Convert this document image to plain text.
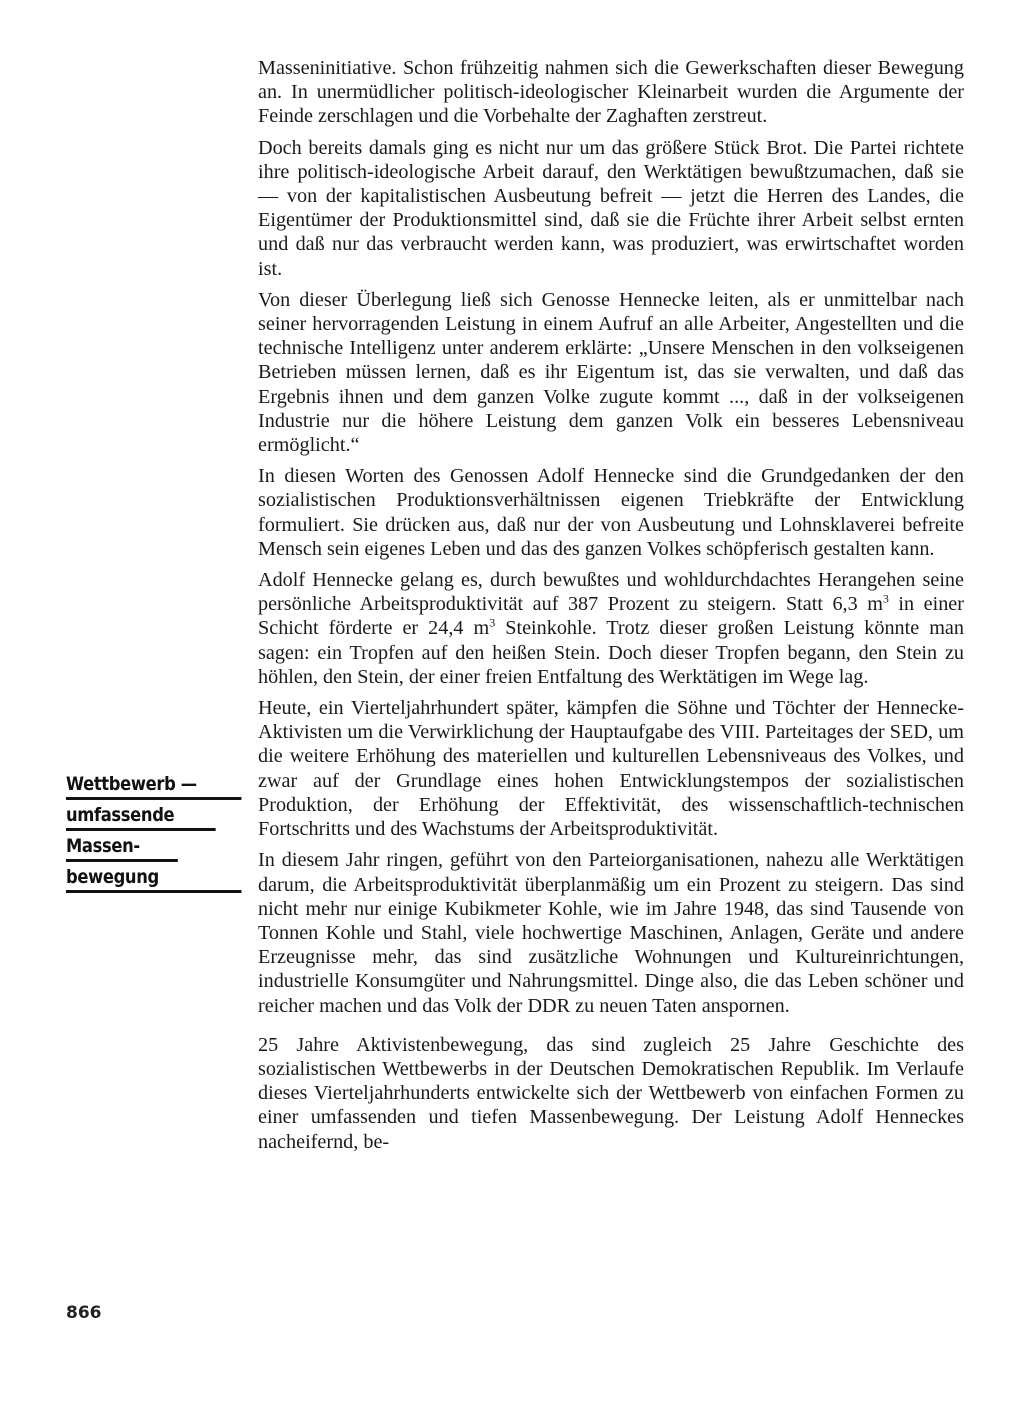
Masseninitiative. Schon frühzeitig nahmen sich die Gewerkschaften dieser Bewegung an. In unermüdlicher politisch-ideologischer Kleinarbeit wurden die Argumente der Feinde zerschlagen und die Vorbehalte der Zaghaften zerstreut.

Doch bereits damals ging es nicht nur um das größere Stück Brot. Die Partei richtete ihre politisch-ideologische Arbeit darauf, den Werktätigen bewußtzumachen, daß sie — von der kapitalistischen Ausbeutung befreit — jetzt die Herren des Landes, die Eigentümer der Produktionsmittel sind, daß sie die Früchte ihrer Arbeit selbst ernten und daß nur das verbraucht werden kann, was produziert, was erwirtschaftet worden ist.

Von dieser Überlegung ließ sich Genosse Hennecke leiten, als er unmittelbar nach seiner hervorragenden Leistung in einem Aufruf an alle Arbeiter, Angestellten und die technische Intelligenz unter anderem erklärte: „Unsere Menschen in den volkseigenen Betrieben müssen lernen, daß es ihr Eigentum ist, das sie verwalten, und daß das Ergebnis ihnen und dem ganzen Volke zugute kommt ..., daß in der volkseigenen Industrie nur die höhere Leistung dem ganzen Volk ein besseres Lebensniveau ermöglicht.“

In diesen Worten des Genossen Adolf Hennecke sind die Grundgedanken der den sozialistischen Produktionsverhältnissen eigenen Triebkräfte der Entwicklung formuliert. Sie drücken aus, daß nur der von Ausbeutung und Lohnsklaverei befreite Mensch sein eigenes Leben und das des ganzen Volkes schöpferisch gestalten kann.

Adolf Hennecke gelang es, durch bewußtes und wohldurchdachtes Herangehen seine persönliche Arbeitsproduktivität auf 387 Prozent zu steigern. Statt 6,3 $m^3$ in einer Schicht förderte er 24,4 $m^3$ Steinkohle. Trotz dieser großen Leistung könnte man sagen: ein Tropfen auf den heißen Stein. Doch dieser Tropfen begann, den Stein zu höhlen, den Stein, der einer freien Entfaltung des Werktätigen im Wege lag.

Heute, ein Vierteljahrhundert später, kämpfen die Söhne und Töchter der Hennecke-Aktivisten um die Verwirklichung der Hauptaufgabe des VIII. Parteitages der SED, um die weitere Erhöhung des materiellen und kulturellen Lebensniveaus des Volkes, und zwar auf der Grundlage eines hohen Entwicklungstempos der sozialistischen Produktion, der Erhöhung der Effektivität, des wissenschaftlich-technischen Fortschritts und des Wachstums der Arbeitsproduktivität.

In diesem Jahr ringen, geführt von den Parteiorganisationen, nahezu alle Werktätigen darum, die Arbeitsproduktivität überplanmäßig um ein Prozent zu steigern. Das sind nicht mehr nur einige Kubikmeter Kohle, wie im Jahre 1948, das sind Tausende von Tonnen Kohle und Stahl, viele hochwertige Maschinen, Anlagen, Geräte und andere Erzeugnisse mehr, das sind zusätzliche Wohnungen und Kultureinrichtungen, industrielle Konsumgüter und Nahrungsmittel. Dinge also, die das Leben schöner und reicher machen und das Volk der DDR zu neuen Taten anspornen.

25 Jahre Aktivistenbewegung, das sind zugleich 25 Jahre Geschichte des sozialistischen Wettbewerbs in der Deutschen Demokratischen Republik. Im Verlaufe dieses Vierteljahrhunderts entwickelte sich der Wettbewerb von einfachen Formen zu einer umfassenden und tiefen Massenbewegung. Der Leistung Adolf Henneckes nacheifernd, be-

Wettbewerb —
umfassende
Massen-
bewegung
866
